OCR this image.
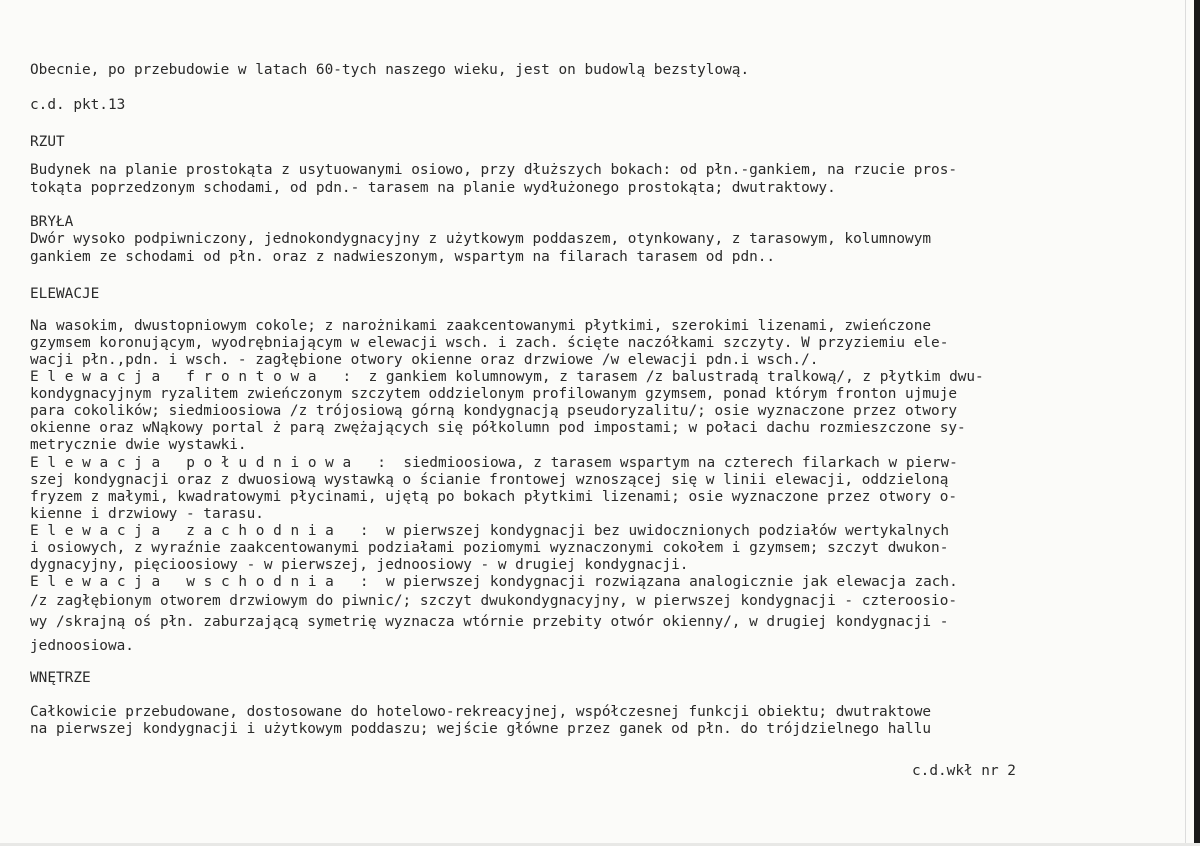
Obecnie, po przebudowie w latach 60-tych naszego wieku, jest on budowlą bezstylową.
c.d. pkt.13
RZUT
Budynek na planie prostokąta z usytuowanymi osiowo, przy dłuższych bokach: od płn.-gankiem, na rzucie pros-
tokąta poprzedzonym schodami, od pdn.- tarasem na planie wydłużonego prostokąta; dwutraktowy.
BRYŁA
Dwór wysoko podpiwniczony, jednokondygnacyjny z użytkowym poddaszem, otynkowany, z tarasowym, kolumnowym
gankiem ze schodami od płn. oraz z nadwieszonym, wspartym na filarach tarasem od pdn..
ELEWACJE
Na wasokim, dwustopniowym cokole; z narożnikami zaakcentowanymi płytkimi, szerokimi lizenami, zwieńczone
gzymsem koronującym, wyodrębniającym w elewacji wsch. i zach. ścięte naczółkami szczyty. W przyziemiu ele-
wacji płn.,pdn. i wsch. - zagłębione otwory okienne oraz drzwiowe /w elewacji pdn.i wsch./.
Elewacja frontowa : z gankiem kolumnowym, z tarasem /z balustradą tralkową/, z płytkim dwu-
kondygnacyjnym ryzalitem zwieńczonym szczytem oddzielonym profilowanym gzymsem, ponad którym fronton ujmuje
para cokolików; siedmioosiowa /z trójosiową górną kondygnacją pseudoryzalitu/; osie wyznaczone przez otwory
okienne oraz wNąkowy portal ż parą zwężających się półkolumn pod impostami; w połaci dachu rozmieszczone sy-
metrycznie dwie wystawki.
Elewacja południowa : siedmioosiowa, z tarasem wspartym na czterech filarkach w pierw-
szej kondygnacji oraz z dwuosiową wystawką o ścianie frontowej wznoszącej się w linii elewacji, oddzieloną
fryzem z małymi, kwadratowymi płycinami, ujętą po bokach płytkimi lizenami; osie wyznaczone przez otwory o-
kienne i drzwiowy - tarasu.
Elewacja zachodnia : w pierwszej kondygnacji bez uwidocznionych podziałów wertykalnych
i osiowych, z wyraźnie zaakcentowanymi podziałami poziomymi wyznaczonymi cokołem i gzymsem; szczyt dwukon-
dygnacyjny, pięcioosiowy - w pierwszej, jednoosiowy - w drugiej kondygnacji.
Elewacja wschodnia : w pierwszej kondygnacji rozwiązana analogicznie jak elewacja zach.
/z zagłębionym otworem drzwiowym do piwnic/; szczyt dwukondygnacyjny, w pierwszej kondygnacji - czteroosio-
wy /skrajną oś płn. zaburzającą symetrię wyznacza wtórnie przebity otwór okienny/, w drugiej kondygnacji -
jednoosiowa.
WNĘTRZE
Całkowicie przebudowane, dostosowane do hotelowo-rekreacyjnej, współczesnej funkcji obiektu; dwutraktowe
na pierwszej kondygnacji i użytkowym poddaszu; wejście główne przez ganek od płn. do trójdzielnego hallu
c.d.wkł nr 2
